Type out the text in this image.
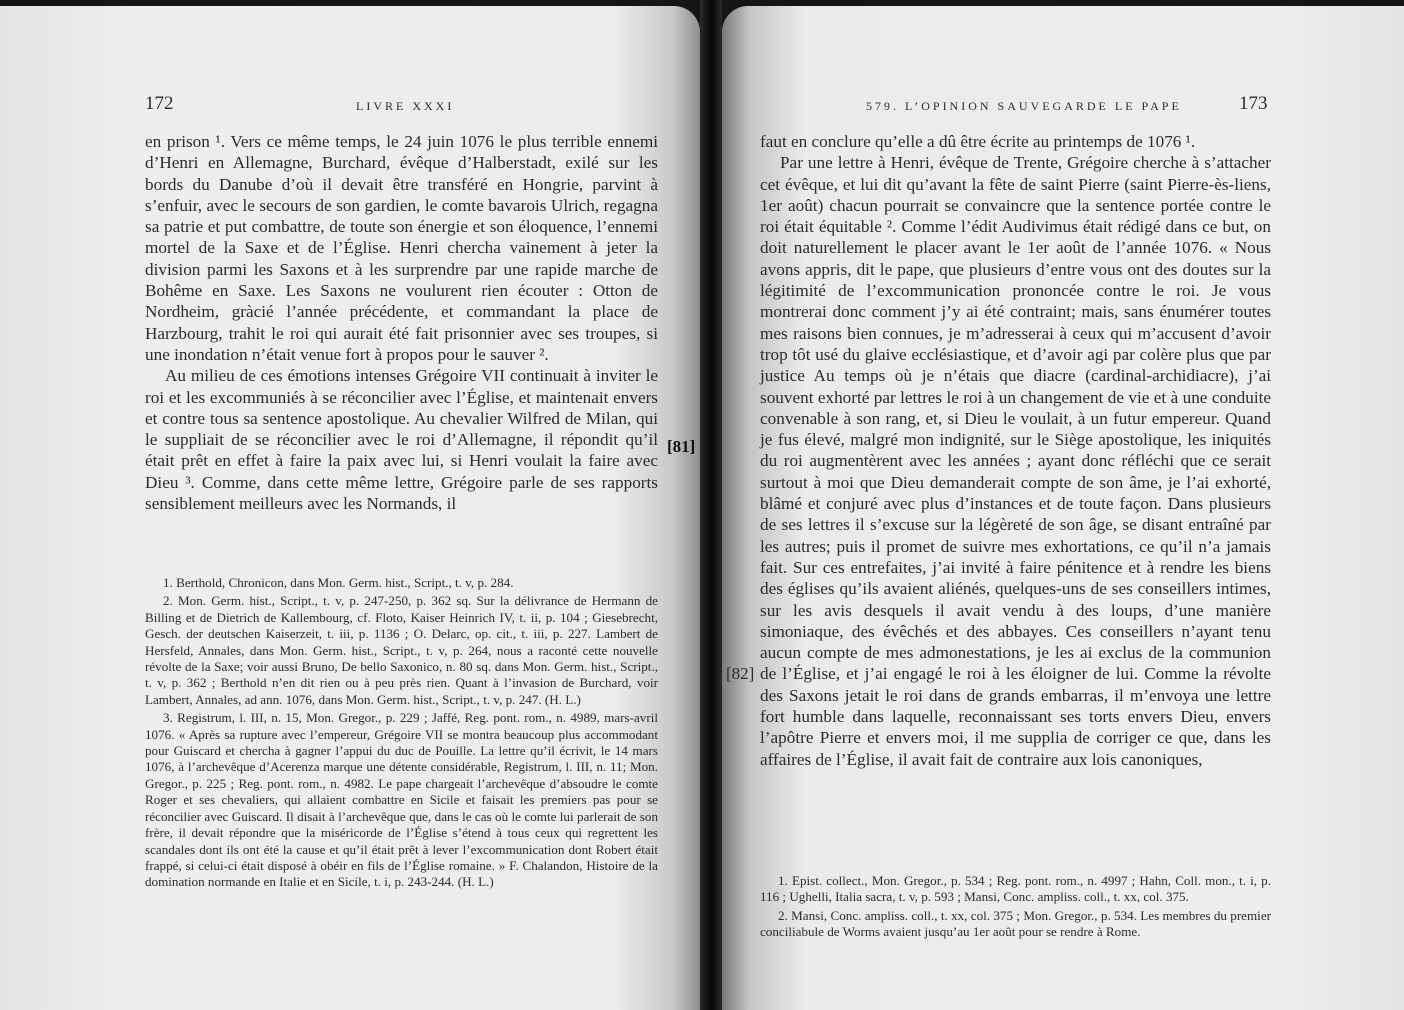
172	LIVRE XXXI

en prison ¹. Vers ce même temps, le 24 juin 1076 le plus terrible ennemi d’Henri en Allemagne, Burchard, évêque d’Halberstadt, exilé sur les bords du Danube d’où il devait être transféré en Hongrie, parvint à s’enfuir, avec le secours de son gardien, le comte bavarois Ulrich, regagna sa patrie et put combattre, de toute son énergie et son éloquence, l’ennemi mortel de la Saxe et de l’Église. Henri chercha vainement à jeter la division parmi les Saxons et à les surprendre par une rapide marche de Bohême en Saxe. Les Saxons ne voulurent rien écouter : Otton de Nordheim, gràcié l’année précédente, et commandant la place de Harzbourg, trahit le roi qui aurait été fait prisonnier avec ses troupes, si une inondation n’était venue fort à propos pour le sauver ².

Au milieu de ces émotions intenses Grégoire VII continuait à inviter le roi et les excommuniés à se réconcilier avec l’Église, et maintenait envers et contre tous sa sentence apostolique. Au chevalier Wilfred de Milan, qui le suppliait de se réconcilier avec le roi d’Allemagne, il répondit qu’il était prêt en effet à faire la paix avec lui, si Henri voulait la faire avec Dieu ³. Comme, dans cette même lettre, Grégoire parle de ses rapports sensiblement meilleurs avec les Normands, il

1. Berthold, Chronicon, dans Mon. Germ. hist., Script., t. v, p. 284.

2. Mon. Germ. hist., Script., t. v, p. 247-250, p. 362 sq. Sur la délivrance de Hermann de Billing et de Dietrich de Kallembourg, cf. Floto, Kaiser Heinrich IV, t. ii, p. 104 ; Giesebrecht, Gesch. der deutschen Kaiserzeit, t. iii, p. 1136 ; O. Delarc, op. cit., t. iii, p. 227. Lambert de Hersfeld, Annales, dans Mon. Germ. hist., Script., t. v, p. 264, nous a raconté cette nouvelle révolte de la Saxe; voir aussi Bruno, De bello Saxonico, n. 80 sq. dans Mon. Germ. hist., Script., t. v, p. 362 ; Berthold n’en dit rien ou à peu près rien. Quant à l’invasion de Burchard, voir Lambert, Annales, ad ann. 1076, dans Mon. Germ. hist., Script., t. v, p. 247. (H. L.)

3. Registrum, l. III, n. 15, Mon. Gregor., p. 229 ; Jaffé, Reg. pont. rom., n. 4989, mars-avril 1076. « Après sa rupture avec l’empereur, Grégoire VII se montra beaucoup plus accommodant pour Guiscard et chercha à gagner l’appui du duc de Pouille. La lettre qu’il écrivit, le 14 mars 1076, à l’archevêque d’Acerenza marque une détente considérable, Registrum, l. III, n. 11; Mon. Gregor., p. 225 ; Reg. pont. rom., n. 4982. Le pape chargeait l’archevêque d’absoudre le comte Roger et ses chevaliers, qui allaient combattre en Sicile et faisait les premiers pas pour se réconcilier avec Guiscard. Il disait à l’archevêque que, dans le cas où le comte lui parlerait de son frère, il devait répondre que la miséricorde de l’Église s’étend à tous ceux qui regrettent les scandales dont ils ont été la cause et qu’il était prêt à lever l’excommunication dont Robert était frappé, si celui-ci était disposé à obéir en fils de l’Église romaine. » F. Chalandon, Histoire de la domination normande en Italie et en Sicile, t. i, p. 243-244. (H. L.)

579. L’OPINION SAUVEGARDE LE PAPE	173

faut en conclure qu’elle a dû être écrite au printemps de 1076 ¹.

Par une lettre à Henri, évêque de Trente, Grégoire cherche à s’attacher cet évêque, et lui dit qu’avant la fête de saint Pierre (saint Pierre-ès-liens, 1er août) chacun pourrait se convaincre que la sentence portée contre le roi était équitable ². Comme l’édit Audivimus était rédigé dans ce but, on doit naturellement le placer avant le 1er août de l’année 1076. « Nous avons appris, dit le pape, que plusieurs d’entre vous ont des doutes sur la légitimité de l’excommunication prononcée contre le roi. Je vous montrerai donc comment j’y ai été contraint; mais, sans énumérer toutes mes raisons bien connues, je m’adresserai à ceux qui m’accusent d’avoir trop tôt usé du glaive ecclésiastique, et d’avoir agi par colère plus que par justice Au temps où je n’étais que diacre (cardinal-archidiacre), j’ai souvent exhorté par lettres le roi à un changement de vie et à une conduite convenable à son rang, et, si Dieu le voulait, à un futur empereur. Quand je fus élevé, malgré mon indignité, sur le Siège apostolique, les iniquités du roi augmentèrent avec les années ; ayant donc réfléchi que ce serait surtout à moi que Dieu demanderait compte de son âme, je l’ai exhorté, blâmé et conjuré avec plus d’instances et de toute façon. Dans plusieurs de ses lettres il s’excuse sur la légèreté de son âge, se disant entraîné par les autres; puis il promet de suivre mes exhortations, ce qu’il n’a jamais fait. Sur ces entrefaites, j’ai invité à faire pénitence et à rendre les biens des églises qu’ils avaient aliénés, quelques-uns de ses conseillers intimes, sur les avis desquels il avait vendu à des loups, d’une manière simoniaque, des évêchés et des abbayes. Ces conseillers n’ayant tenu aucun compte de mes admonestations, je les ai exclus de la communion de l’Église, et j’ai engagé le roi à les éloigner de lui. Comme la révolte des Saxons jetait le roi dans de grands embarras, il m’envoya une lettre fort humble dans laquelle, reconnaissant ses torts envers Dieu, envers l’apôtre Pierre et envers moi, il me supplia de corriger ce que, dans les affaires de l’Église, il avait fait de contraire aux lois canoniques,

1. Epist. collect., Mon. Gregor., p. 534 ; Reg. pont. rom., n. 4997 ; Hahn, Coll. mon., t. i, p. 116 ; Ughelli, Italia sacra, t. v, p. 593 ; Mansi, Conc. ampliss. coll., t. xx, col. 375.

2. Mansi, Conc. ampliss. coll., t. xx, col. 375 ; Mon. Gregor., p. 534. Les membres du premier conciliabule de Worms avaient jusqu’au 1er août pour se rendre à Rome.

[81]
[82]
